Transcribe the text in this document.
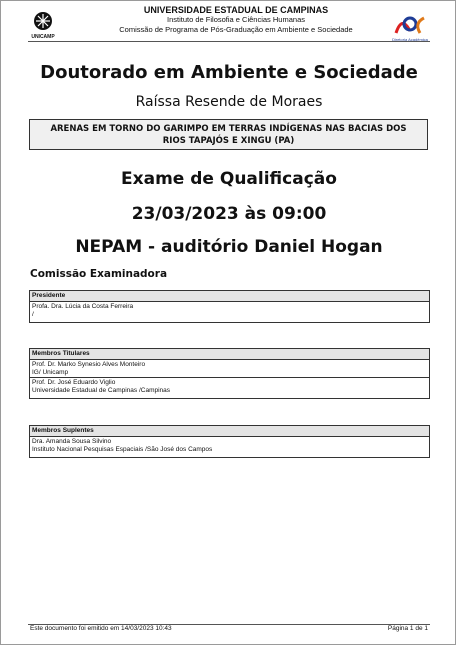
UNICAMP
UNIVERSIDADE ESTADUAL DE CAMPINAS
Instituto de Filosofia e Ciências Humanas
Comissão de Programa de Pós-Graduação em Ambiente e Sociedade
Diretoria Acadêmica
Doutorado em Ambiente e Sociedade
Raíssa Resende de Moraes
ARENAS EM TORNO DO GARIMPO EM TERRAS INDÍGENAS NAS BACIAS DOS
RIOS TAPAJÓS E XINGU (PA)
Exame de Qualificação
23/03/2023 às 09:00
NEPAM - auditório Daniel Hogan
Comissão Examinadora
Presidente
Profa. Dra. Lúcia da Costa Ferreira
/
Membros Titulares
Prof. Dr. Marko Synesio Alves Monteiro
IG/ Unicamp
Prof. Dr. José Eduardo Viglio
Universidade Estadual de Campinas /Campinas
Membros Suplentes
Dra. Amanda Sousa Silvino
Instituto Nacional Pesquisas Espaciais /São José dos Campos
Este documento foi emitido em 14/03/2023 10:43	Página 1 de 1
